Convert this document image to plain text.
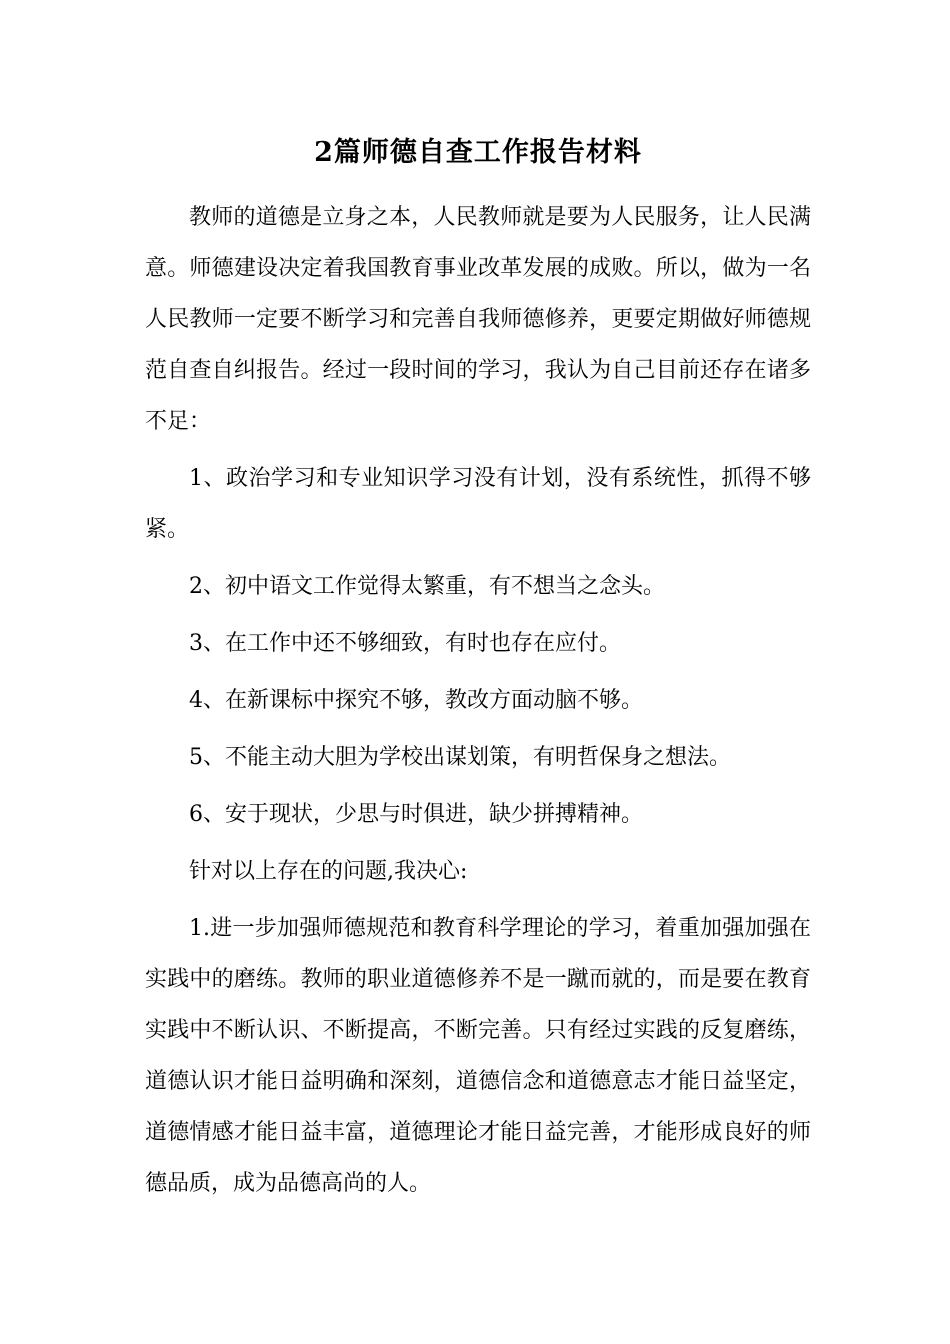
2篇师德自查工作报告材料

教师的道德是立身之本，人民教师就是要为人民服务，让人民满意。师德建设决定着我国教育事业改革发展的成败。所以，做为一名人民教师一定要不断学习和完善自我师德修养，更要定期做好师德规范自查自纠报告。经过一段时间的学习，我认为自己目前还存在诸多不足：

1、政治学习和专业知识学习没有计划，没有系统性，抓得不够紧。

2、初中语文工作觉得太繁重，有不想当之念头。

3、在工作中还不够细致，有时也存在应付。

4、在新课标中探究不够，教改方面动脑不够。

5、不能主动大胆为学校出谋划策，有明哲保身之想法。

6、安于现状，少思与时俱进，缺少拼搏精神。

针对以上存在的问题,我决心:

1.进一步加强师德规范和教育科学理论的学习，着重加强加强在实践中的磨练。教师的职业道德修养不是一蹴而就的，而是要在教育实践中不断认识、不断提高，不断完善。只有经过实践的反复磨练，道德认识才能日益明确和深刻，道德信念和道德意志才能日益坚定，道德情感才能日益丰富，道德理论才能日益完善，才能形成良好的师德品质，成为品德高尚的人。
